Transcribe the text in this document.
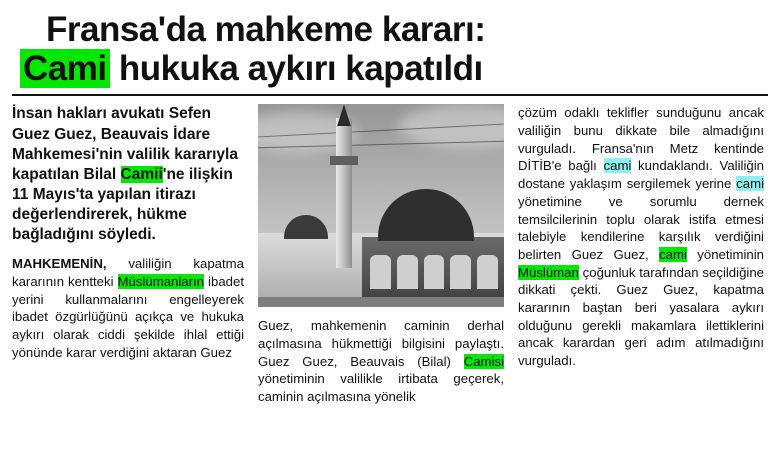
Fransa'da mahkeme kararı:
Cami hukuka aykırı kapatıldı

İnsan hakları avukatı Sefen Guez Guez, Beauvais İdare Mahkemesi'nin valilik kararıyla kapatılan Bilal Camii'ne ilişkin 11 Mayıs'ta yapılan itirazı değerlendirerek, hükme bağladığını söyledi.

MAHKEMENİN, valiliğin kapatma kararının kentteki Müslümanların ibadet yerini kullanmalarını engelleyerek ibadet özgürlüğünü açıkça ve hukuka aykırı olarak ciddi şekilde ihlal ettiği yönünde karar verdiğini aktaran Guez

Guez, mahkemenin caminin derhal açılmasına hükmettiği bilgisini paylaştı. Guez Guez, Beauvais (Bilal) Camisi yönetiminin valilikle irtibata geçerek, caminin açılmasına yönelik

çözüm odaklı teklifler sunduğunu ancak valiliğin bunu dikkate bile almadığını vurguladı. Fransa'nın Metz kentinde DİTİB'e bağlı cami kundaklandı. Valiliğin dostane yaklaşım sergilemek yerine cami yönetimine ve sorumlu dernek temsilcilerinin toplu olarak istifa etmesi talebiyle kendilerine karşılık verdiğini belirten Guez Guez, cami yönetiminin Müslüman çoğunluk tarafından seçildiğine dikkati çekti. Guez Guez, kapatma kararının baştan beri yasalara aykırı olduğunu gerekli makamlara ilettiklerini ancak karardan geri adım atılmadığını vurguladı.
